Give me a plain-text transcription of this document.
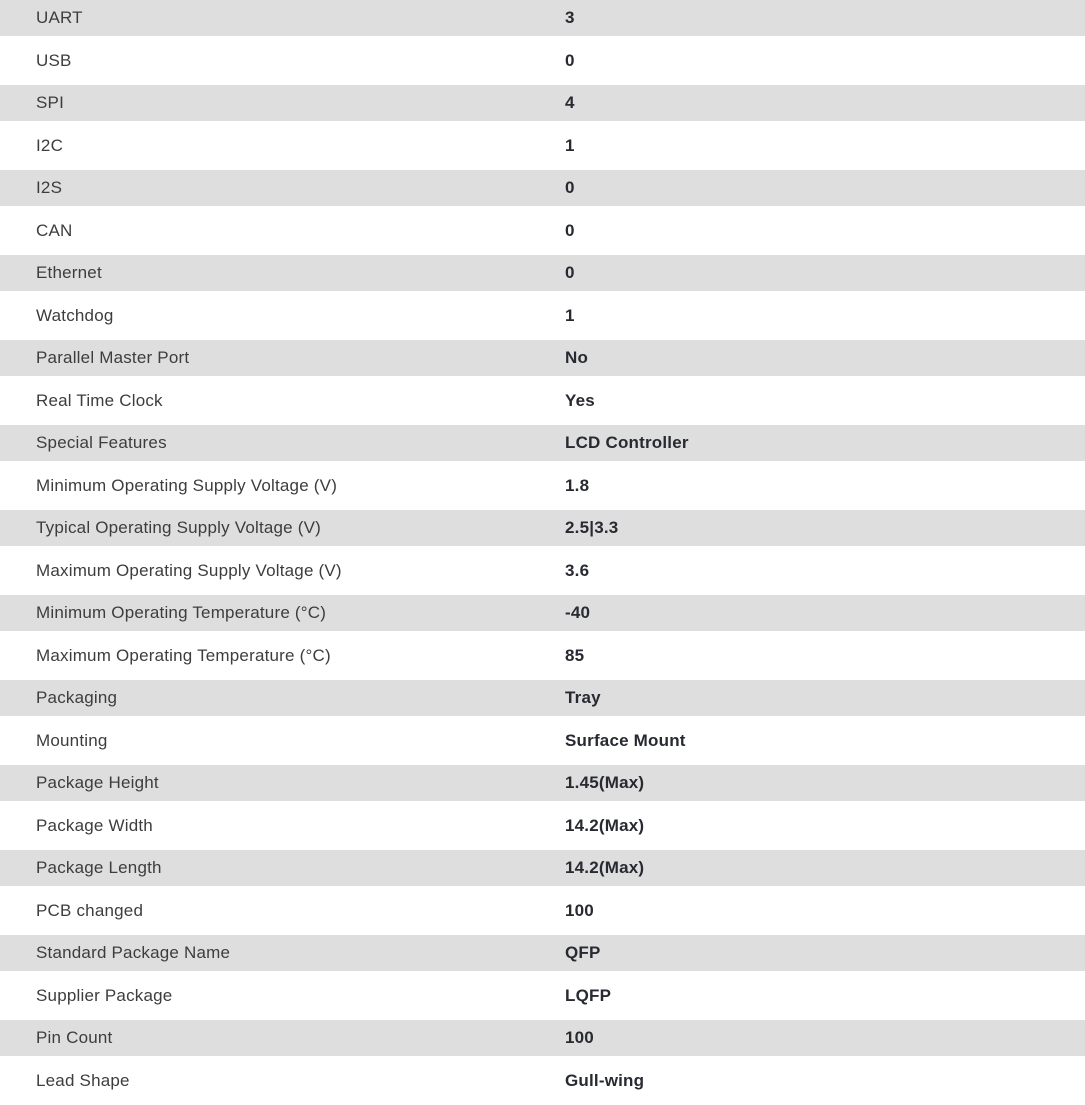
UART	3
USB	0
SPI	4
I2C	1
I2S	0
CAN	0
Ethernet	0
Watchdog	1
Parallel Master Port	No
Real Time Clock	Yes
Special Features	LCD Controller
Minimum Operating Supply Voltage (V)	1.8
Typical Operating Supply Voltage (V)	2.5|3.3
Maximum Operating Supply Voltage (V)	3.6
Minimum Operating Temperature (°C)	-40
Maximum Operating Temperature (°C)	85
Packaging	Tray
Mounting	Surface Mount
Package Height	1.45(Max)
Package Width	14.2(Max)
Package Length	14.2(Max)
PCB changed	100
Standard Package Name	QFP
Supplier Package	LQFP
Pin Count	100
Lead Shape	Gull-wing
